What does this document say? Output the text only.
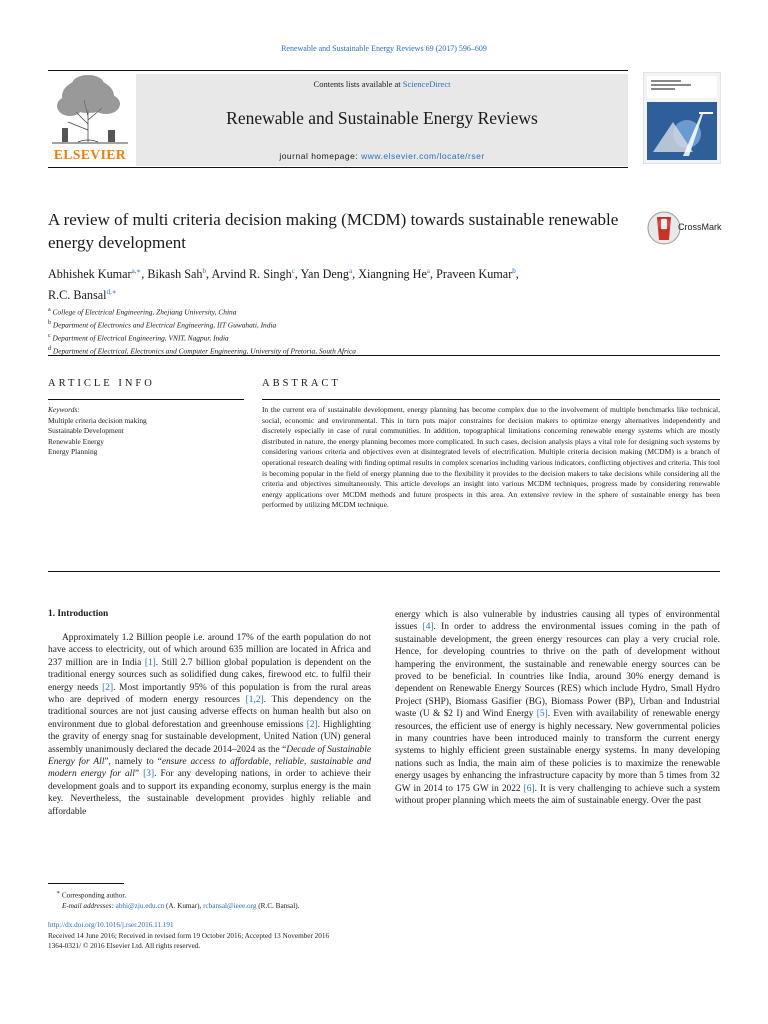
Renewable and Sustainable Energy Reviews 69 (2017) 596–609
ELSEVIER
Contents lists available at ScienceDirect
Renewable and Sustainable Energy Reviews
journal homepage: www.elsevier.com/locate/rser
A review of multi criteria decision making (MCDM) towards sustainable renewable energy development
CrossMark
Abhishek Kumar$^{a,∗}$, Bikash Sah$^b$, Arvind R. Singh$^c$, Yan Deng$^a$, Xiangning He$^a$, Praveen Kumar$^b$,
R.C. Bansal$^{d,∗}$
$^a$ College of Electrical Engineering, Zhejiang University, China
$^b$ Department of Electronics and Electrical Engineering, IIT Guwahati, India
$^c$ Department of Electrical Engineering, VNIT, Nagpur, India
$^d$ Department of Electrical, Electronics and Computer Engineering, University of Pretoria, South Africa
ARTICLE INFO	ABSTRACT
Keywords:
Multiple criteria decision making
Sustainable Development
Renewable Energy
Energy Planning
In the current era of sustainable development, energy planning has become complex due to the involvement of multiple benchmarks like technical, social, economic and environmental. This in turn puts major constraints for decision makers to optimize energy alternatives independently and discretely especially in case of rural communities. In addition, topographical limitations concerning renewable energy systems which are mostly distributed in nature, the energy planning becomes more complicated. In such cases, decision analysis plays a vital role for designing such systems by considering various criteria and objectives even at disintegrated levels of electrification. Multiple criteria decision making (MCDM) is a branch of operational research dealing with finding optimal results in complex scenarios including various indicators, conflicting objectives and criteria. This tool is becoming popular in the field of energy planning due to the flexibility it provides to the decision makers to take decisions while considering all the criteria and objectives simultaneously. This article develops an insight into various MCDM techniques, progress made by considering renewable energy applications over MCDM methods and future prospects in this area. An extensive review in the sphere of sustainable energy has been performed by utilizing MCDM technique.
1. Introduction
Approximately 1.2 Billion people i.e. around 17% of the earth population do not have access to electricity, out of which around 635 million are located in Africa and 237 million are in India [1]. Still 2.7 billion global population is dependent on the traditional energy sources such as solidified dung cakes, firewood etc. to fulfil their energy needs [2]. Most importantly 95% of this population is from the rural areas who are deprived of modern energy resources [1,2]. This dependency on the traditional sources are not just causing adverse effects on human health but also on environment due to global deforestation and greenhouse emissions [2]. Highlighting the gravity of energy snag for sustainable development, United Nation (UN) general assembly unanimously declared the decade 2014–2024 as the “Decade of Sustainable Energy for All”, namely to “ensure access to affordable, reliable, sustainable and modern energy for all” [3]. For any developing nations, in order to achieve their development goals and to support its expanding economy, surplus energy is the main key. Nevertheless, the sustainable development provides highly reliable and affordable
energy which is also vulnerable by industries causing all types of environmental issues [4]. In order to address the environmental issues coming in the path of sustainable development, the green energy resources can play a very crucial role. Hence, for developing countries to thrive on the path of development without hampering the environment, the sustainable and renewable energy sources can be proved to be beneficial. In countries like India, around 30% energy demand is dependent on Renewable Energy Sources (RES) which include Hydro, Small Hydro Project (SHP), Biomass Gasifier (BG), Biomass Power (BP), Urban and Industrial waste (U & $2 I) and Wind Energy [5]. Even with availability of renewable energy resources, the efficient use of energy is highly necessary. New governmental policies in many countries have been introduced mainly to transform the current energy systems to highly efficient green sustainable energy systems. In many developing nations such as India, the main aim of these policies is to maximize the renewable energy usages by enhancing the infrastructure capacity by more than 5 times from 32 GW in 2014 to 175 GW in 2022 [6]. It is very challenging to achieve such a system without proper planning which meets the aim of sustainable energy. Over the past
∗ Corresponding author.
E-mail addresses: abhi@zju.edu.cn (A. Kumar), rcbansal@ieee.org (R.C. Bansal).
http://dx.doi.org/10.1016/j.rser.2016.11.191
Received 14 June 2016; Received in revised form 19 October 2016; Accepted 13 November 2016
1364-0321/ © 2016 Elsevier Ltd. All rights reserved.
